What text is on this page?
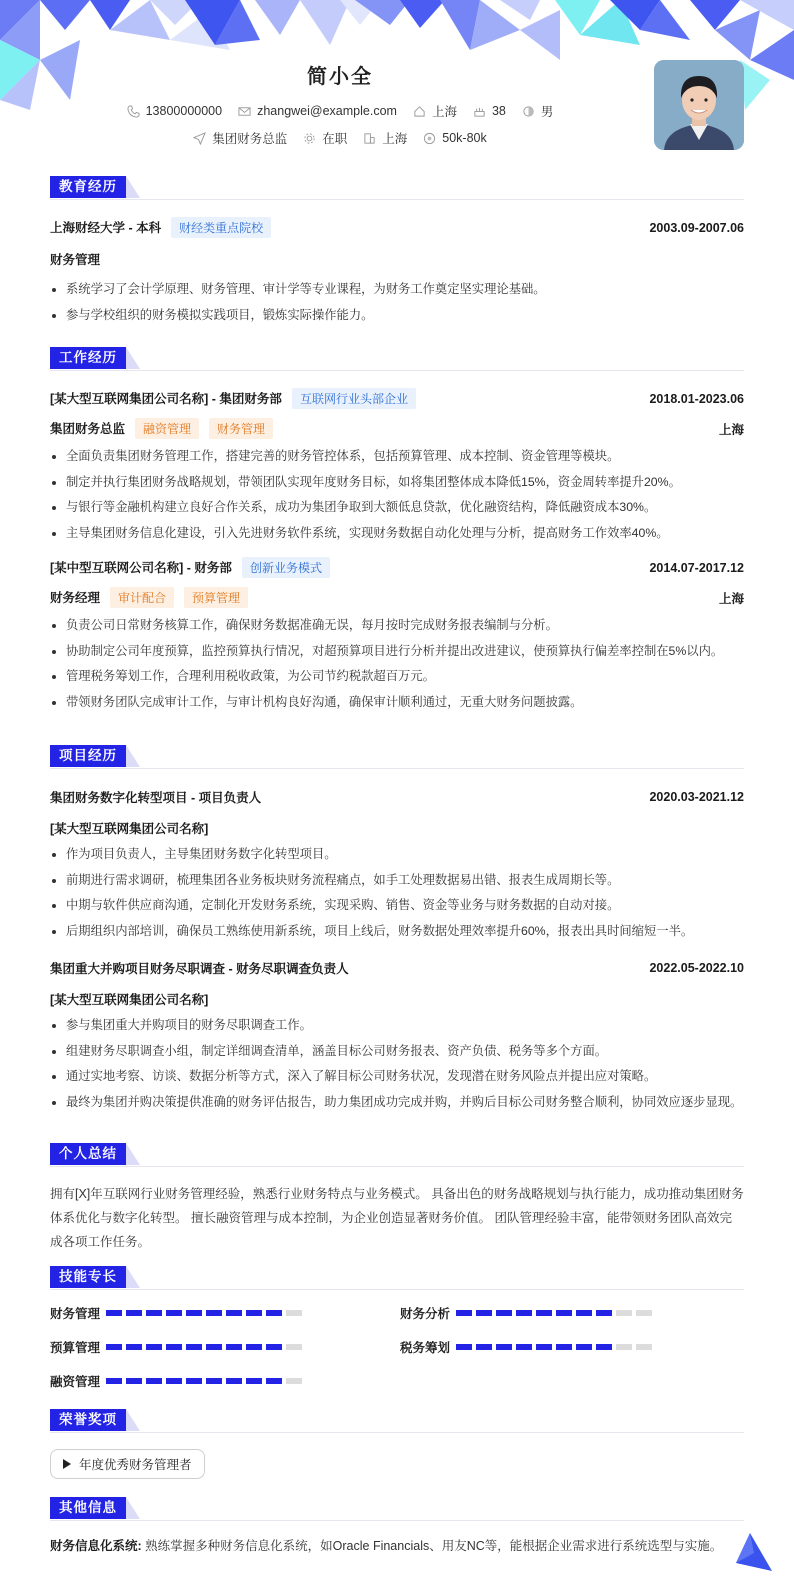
简小全
13800000000	zhangwei@example.com	上海	38	男
集团财务总监	在职	上海	50k-80k
教育经历
上海财经大学 - 本科 财经类重点院校	2003.09-2007.06
财务管理
系统学习了会计学原理、财务管理、审计学等专业课程，为财务工作奠定坚实理论基础。
参与学校组织的财务模拟实践项目，锻炼实际操作能力。
工作经历
[某大型互联网集团公司名称] - 集团财务部 互联网行业头部企业	2018.01-2023.06
集团财务总监 融资管理 财务管理	上海
全面负责集团财务管理工作，搭建完善的财务管控体系，包括预算管理、成本控制、资金管理等模块。
制定并执行集团财务战略规划，带领团队实现年度财务目标，如将集团整体成本降低15%，资金周转率提升20%。
与银行等金融机构建立良好合作关系，成功为集团争取到大额低息贷款，优化融资结构，降低融资成本30%。
主导集团财务信息化建设，引入先进财务软件系统，实现财务数据自动化处理与分析，提高财务工作效率40%。
[某中型互联网公司名称] - 财务部 创新业务模式	2014.07-2017.12
财务经理 审计配合 预算管理	上海
负责公司日常财务核算工作，确保财务数据准确无误，每月按时完成财务报表编制与分析。
协助制定公司年度预算，监控预算执行情况，对超预算项目进行分析并提出改进建议，使预算执行偏差率控制在5%以内。
管理税务筹划工作，合理利用税收政策，为公司节约税款超百万元。
带领财务团队完成审计工作，与审计机构良好沟通，确保审计顺利通过，无重大财务问题披露。
项目经历
集团财务数字化转型项目 - 项目负责人	2020.03-2021.12
[某大型互联网集团公司名称]
作为项目负责人，主导集团财务数字化转型项目。
前期进行需求调研，梳理集团各业务板块财务流程痛点，如手工处理数据易出错、报表生成周期长等。
中期与软件供应商沟通，定制化开发财务系统，实现采购、销售、资金等业务与财务数据的自动对接。
后期组织内部培训，确保员工熟练使用新系统，项目上线后，财务数据处理效率提升60%，报表出具时间缩短一半。
集团重大并购项目财务尽职调查 - 财务尽职调查负责人	2022.05-2022.10
[某大型互联网集团公司名称]
参与集团重大并购项目的财务尽职调查工作。
组建财务尽职调查小组，制定详细调查清单，涵盖目标公司财务报表、资产负债、税务等多个方面。
通过实地考察、访谈、数据分析等方式，深入了解目标公司财务状况，发现潜在财务风险点并提出应对策略。
最终为集团并购决策提供准确的财务评估报告，助力集团成功完成并购，并购后目标公司财务整合顺利，协同效应逐步显现。
个人总结
拥有[X]年互联网行业财务管理经验，熟悉行业财务特点与业务模式。 具备出色的财务战略规划与执行能力，成功推动集团财务体系优化与数字化转型。 擅长融资管理与成本控制，为企业创造显著财务价值。 团队管理经验丰富，能带领财务团队高效完成各项工作任务。
技能专长
财务管理	财务分析
预算管理	税务筹划
融资管理
荣誉奖项
年度优秀财务管理者
其他信息
财务信息化系统: 熟练掌握多种财务信息化系统，如Oracle Financials、用友NC等，能根据企业需求进行系统选型与实施。
